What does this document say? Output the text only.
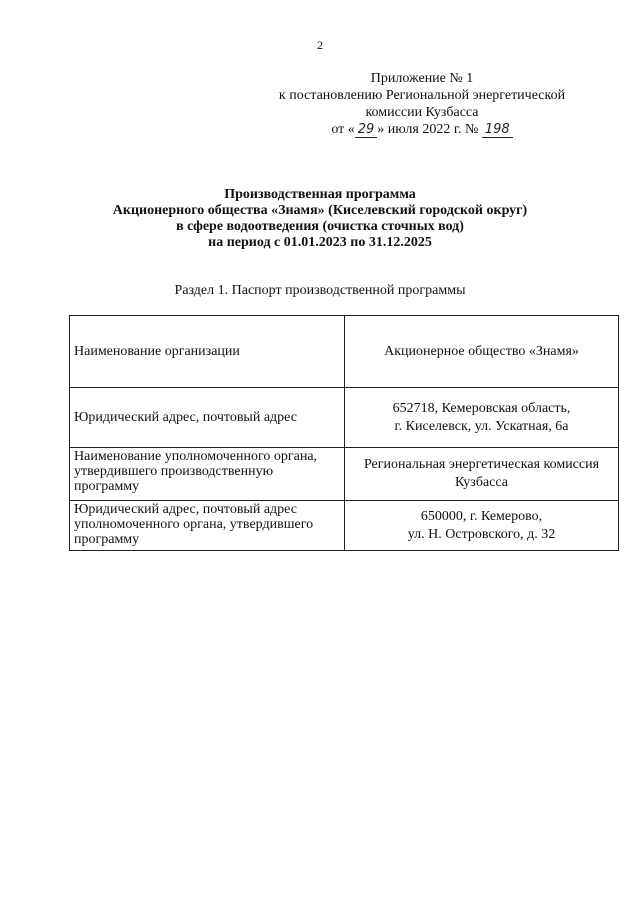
2
Приложение № 1
к постановлению Региональной энергетической
комиссии Кузбасса
от « 29 » июля 2022 г. № 198
Производственная программа
Акционерного общества «Знамя» (Киселевский городской округ)
в сфере водоотведения (очистка сточных вод)
на период с 01.01.2023 по 31.12.2025
Раздел 1. Паспорт производственной программы
Наименование организации	Акционерное общество «Знамя»
Юридический адрес, почтовый адрес	652718, Кемеровская область,
г. Киселевск, ул. Ускатная, 6а
Наименование уполномоченного органа, утвердившего производственную программу	Региональная энергетическая комиссия
Кузбасса
Юридический адрес, почтовый адрес уполномоченного органа, утвердившего программу	650000, г. Кемерово,
ул. Н. Островского, д. 32
